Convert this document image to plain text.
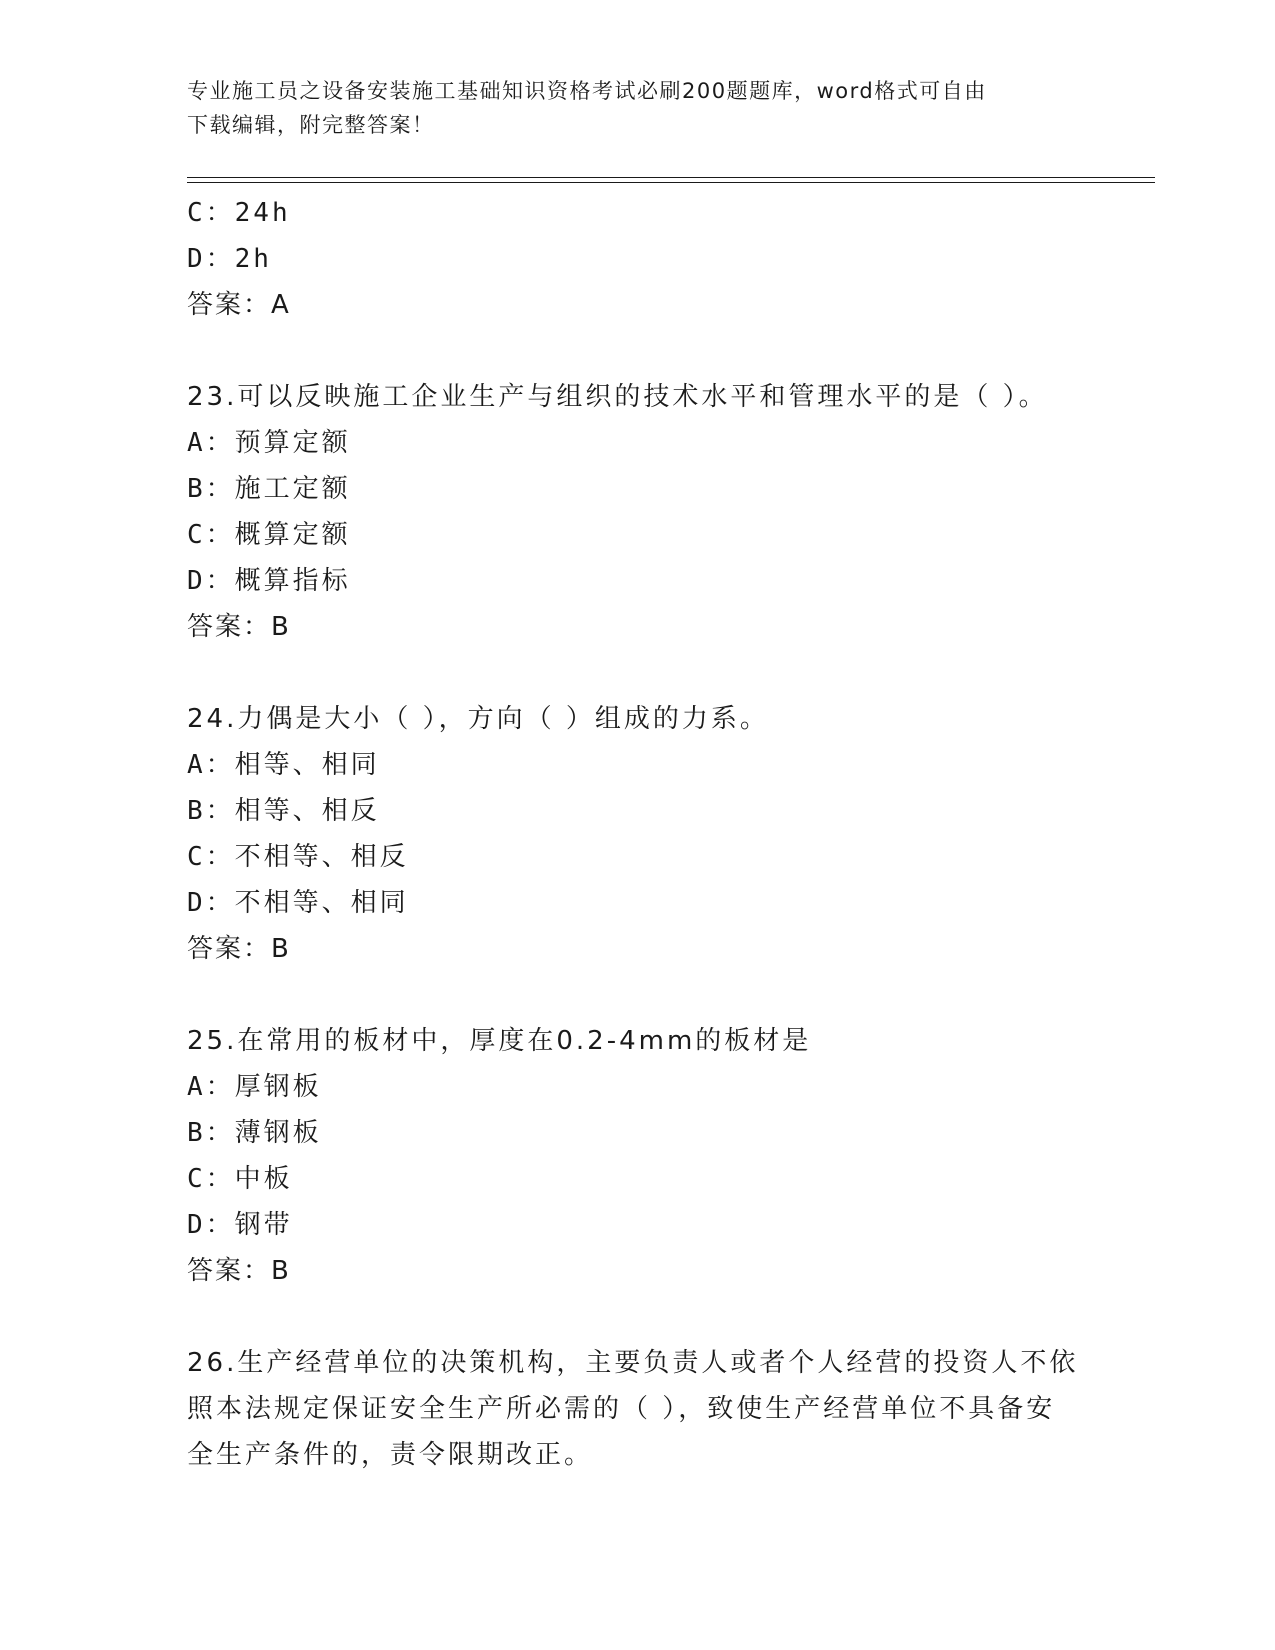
专业施工员之设备安装施工基础知识资格考试必刷200题题库，word格式可自由
下载编辑，附完整答案！
C：24h
D：2h
答案：A
23.可以反映施工企业生产与组织的技术水平和管理水平的是（ ）。
A：预算定额
B：施工定额
C：概算定额
D：概算指标
答案：B
24.力偶是大小（ ），方向（ ）组成的力系。
A：相等、相同
B：相等、相反
C：不相等、相反
D：不相等、相同
答案：B
25.在常用的板材中，厚度在0.2-4mm的板材是
A：厚钢板
B：薄钢板
C：中板
D：钢带
答案：B
26.生产经营单位的决策机构，主要负责人或者个人经营的投资人不依
照本法规定保证安全生产所必需的（ ），致使生产经营单位不具备安
全生产条件的，责令限期改正。
